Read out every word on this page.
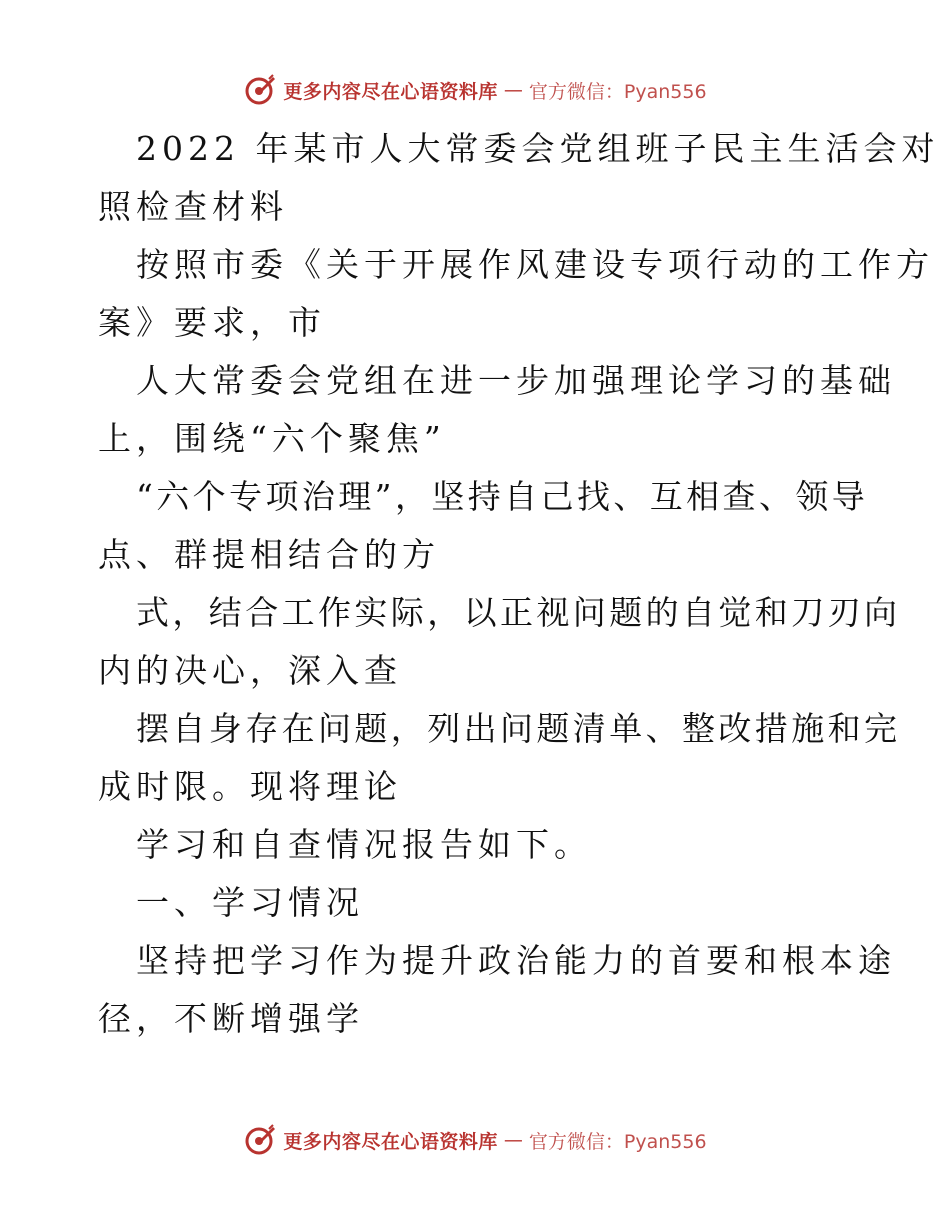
更多内容尽在心语资料库 — 官方微信：Pyan556
2022 年某市人大常委会党组班子民主生活会对
照检查材料
按照市委《关于开展作风建设专项行动的工作方
案》要求，市
人大常委会党组在进一步加强理论学习的基础
上，围绕“六个聚焦”
“六个专项治理”，坚持自己找、互相查、领导
点、群提相结合的方
式，结合工作实际，以正视问题的自觉和刀刃向
内的决心，深入查
摆自身存在问题，列出问题清单、整改措施和完
成时限。现将理论
学习和自查情况报告如下。
一、学习情况
坚持把学习作为提升政治能力的首要和根本途
径，不断增强学
更多内容尽在心语资料库 — 官方微信：Pyan556
